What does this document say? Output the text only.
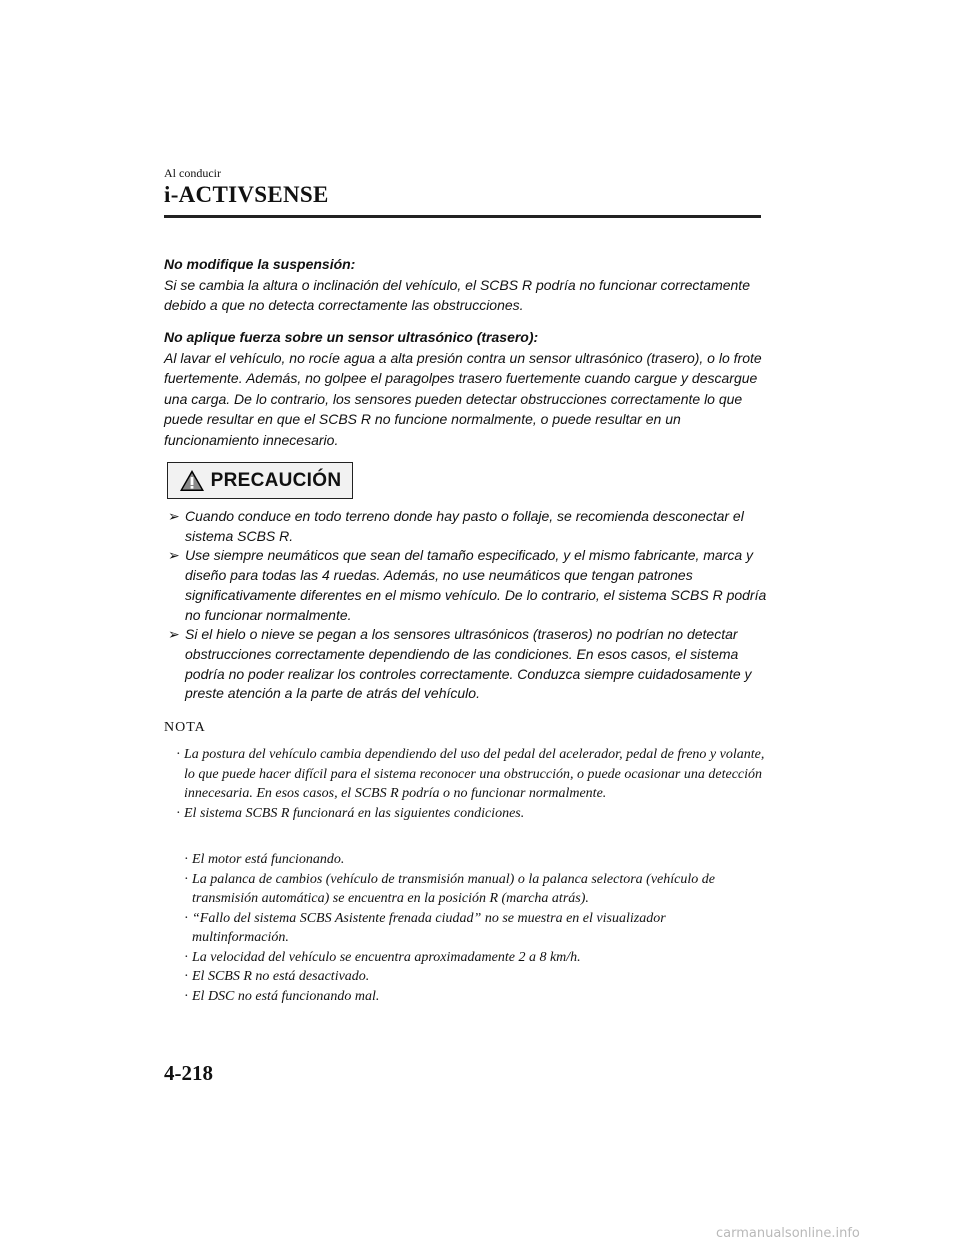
Al conducir
i-ACTIVSENSE
No modifique la suspensión:

Si se cambia la altura o inclinación del vehículo, el SCBS R podría no funcionar correctamente debido a que no detecta correctamente las obstrucciones.

No aplique fuerza sobre un sensor ultrasónico (trasero):

Al lavar el vehículo, no rocíe agua a alta presión contra un sensor ultrasónico (trasero), o lo frote fuertemente. Además, no golpee el paragolpes trasero fuertemente cuando cargue y descargue una carga. De lo contrario, los sensores pueden detectar obstrucciones correctamente lo que puede resultar en que el SCBS R no funcione normalmente, o puede resultar en un funcionamiento innecesario.

PRECAUCIÓN
➢ Cuando conduce en todo terreno donde hay pasto o follaje, se recomienda desconectar el sistema SCBS R.
➢ Use siempre neumáticos que sean del tamaño especificado, y el mismo fabricante, marca y diseño para todas las 4 ruedas. Además, no use neumáticos que tengan patrones significativamente diferentes en el mismo vehículo. De lo contrario, el sistema SCBS R podría no funcionar normalmente.
➢ Si el hielo o nieve se pegan a los sensores ultrasónicos (traseros) no podrían no detectar obstrucciones correctamente dependiendo de las condiciones. En esos casos, el sistema podría no poder realizar los controles correctamente. Conduzca siempre cuidadosamente y preste atención a la parte de atrás del vehículo.
NOTA
· La postura del vehículo cambia dependiendo del uso del pedal del acelerador, pedal de freno y volante, lo que puede hacer difícil para el sistema reconocer una obstrucción, o puede ocasionar una detección innecesaria. En esos casos, el SCBS R podría o no funcionar normalmente.
· El sistema SCBS R funcionará en las siguientes condiciones.
· El motor está funcionando.
· La palanca de cambios (vehículo de transmisión manual) o la palanca selectora (vehículo de transmisión automática) se encuentra en la posición R (marcha atrás).
· “Fallo del sistema SCBS Asistente frenada ciudad” no se muestra en el visualizador multinformación.
· La velocidad del vehículo se encuentra aproximadamente 2 a 8 km/h.
· El SCBS R no está desactivado.
· El DSC no está funcionando mal.
4-218
carmanualsonline.info
